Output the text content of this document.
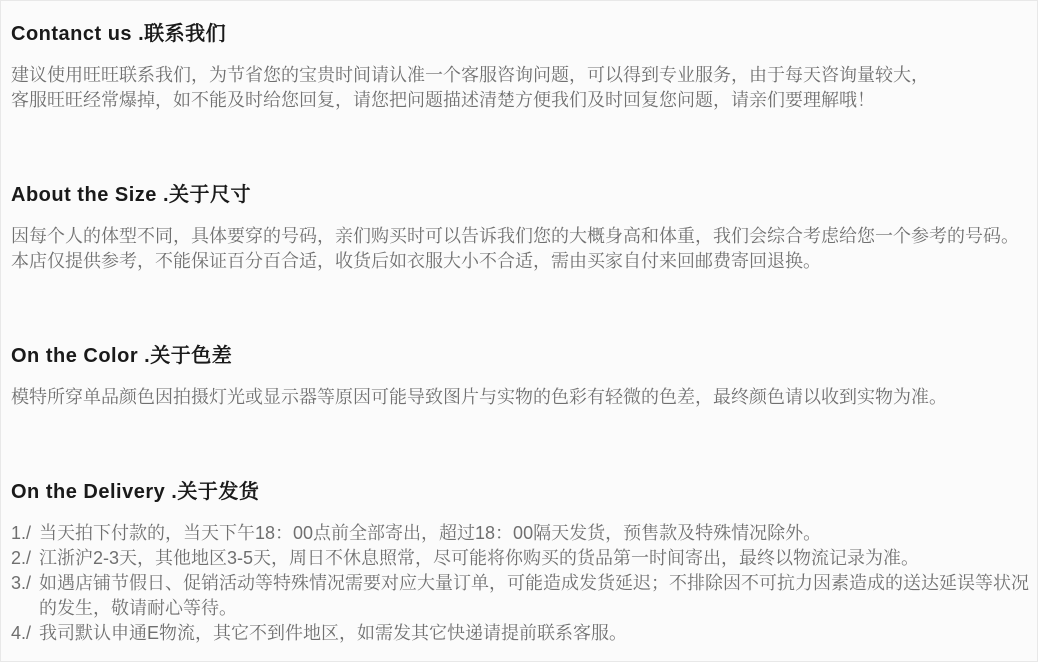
Contanct us .联系我们

建议使用旺旺联系我们，为节省您的宝贵时间请认准一个客服咨询问题，可以得到专业服务，由于每天咨询量较大，

客服旺旺经常爆掉，如不能及时给您回复，请您把问题描述清楚方便我们及时回复您问题，请亲们要理解哦！

About the Size .关于尺寸

因每个人的体型不同，具体要穿的号码，亲们购买时可以告诉我们您的大概身高和体重，我们会综合考虑给您一个参考的号码。

本店仅提供参考，不能保证百分百合适，收货后如衣服大小不合适，需由买家自付来回邮费寄回退换。

On the Color .关于色差

模特所穿单品颜色因拍摄灯光或显示器等原因可能导致图片与实物的色彩有轻微的色差，最终颜色请以收到实物为准。

On the Delivery .关于发货
1./ 当天拍下付款的，当天下午18：00点前全部寄出，超过18：00隔天发货，预售款及特殊情况除外。
2./ 江浙沪2-3天，其他地区3-5天，周日不休息照常，尽可能将你购买的货品第一时间寄出，最终以物流记录为准。
3./ 如遇店铺节假日、促销活动等特殊情况需要对应大量订单，可能造成发货延迟；不排除因不可抗力因素造成的送达延误等状况的发生，敬请耐心等待。
4./ 我司默认申通E物流，其它不到件地区，如需发其它快递请提前联系客服。
